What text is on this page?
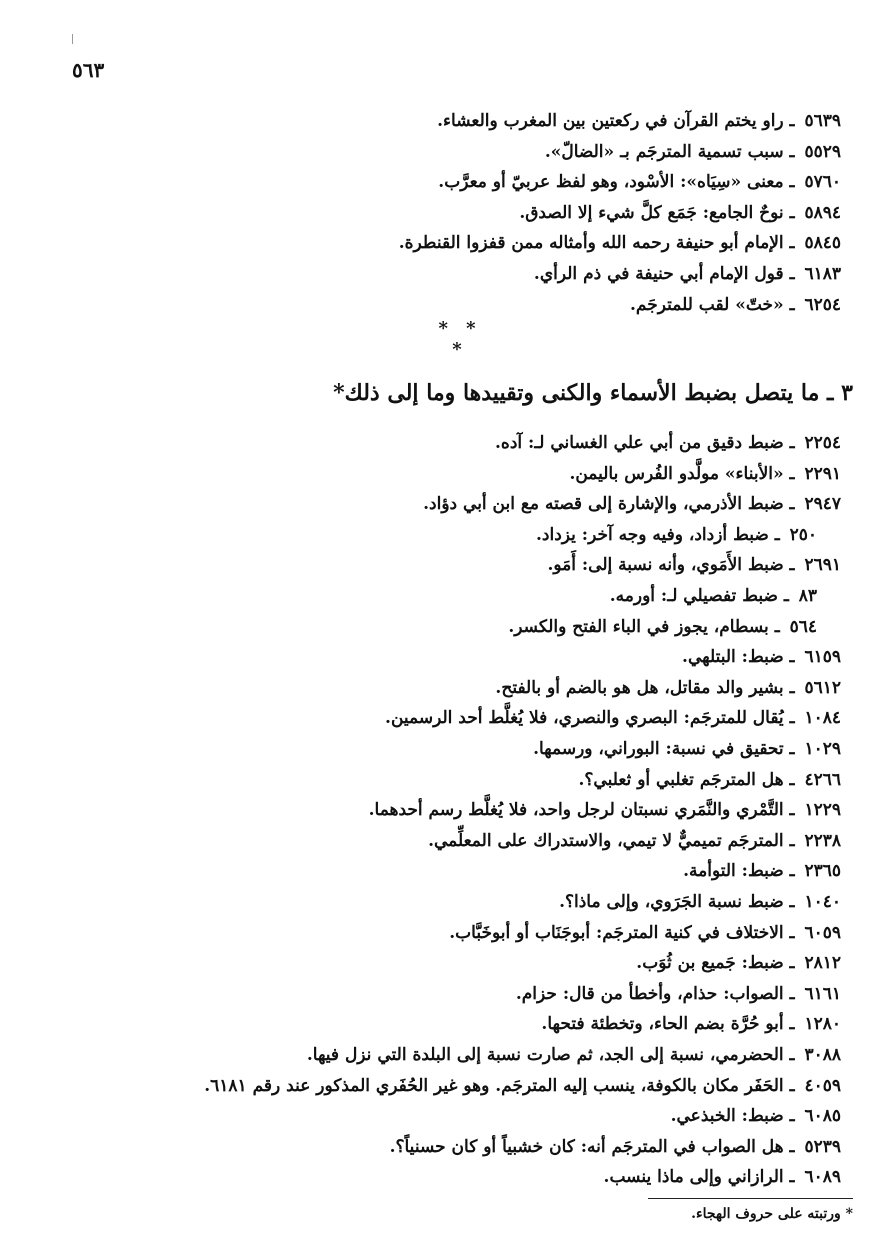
٥٦٣
٥٦٣٩ ـ راو يختم القرآن في ركعتين بين المغرب والعشاء.
٥٥٢٩ ـ سبب تسمية المترجَم بـ «الضالّ».
٥٧٦٠ ـ معنى «سِيَاه»: الأسْود، وهو لفظ عربيّ أو معرَّب.
٥٨٩٤ ـ نوحٌ الجامع: جَمَع كلَّ شيء إلا الصدق.
٥٨٤٥ ـ الإمام أبو حنيفة رحمه الله وأمثاله ممن قفزوا القنطرة.
٦١٨٣ ـ قول الإمام أبي حنيفة في ذم الرأي.
٦٢٥٤ ـ «ختّ» لقب للمترجَم.
* * *
٣ ـ ما يتصل بضبط الأسماء والكنى وتقييدها وما إلى ذلك*
٢٢٥٤ ـ ضبط دقيق من أبي علي الغساني لـ: آده.
٢٢٩١ ـ «الأبناء» مولَّدو الفُرس باليمن.
٢٩٤٧ ـ ضبط الأذرمي، والإشارة إلى قصته مع ابن أبي دؤاد.
٢٥٠ ـ ضبط أزداد، وفيه وجه آخر: يزداد.
٢٦٩١ ـ ضبط الأَمَوي، وأنه نسبة إلى: أَمَو.
٨٣ ـ ضبط تفصيلي لـ: أورمه.
٥٦٤ ـ بسطام، يجوز في الباء الفتح والكسر.
٦١٥٩ ـ ضبط: البتلهي.
٥٦١٢ ـ بشير والد مقاتل، هل هو بالضم أو بالفتح.
١٠٨٤ ـ يُقال للمترجَم: البصري والنصري، فلا يُغلَّط أحد الرسمين.
١٠٢٩ ـ تحقيق في نسبة: البوراني، ورسمها.
٤٢٦٦ ـ هل المترجَم تغلبي أو ثعلبي؟.
١٢٢٩ ـ التَّمْري والنَّمَري نسبتان لرجل واحد، فلا يُغلَّط رسم أحدهما.
٢٢٣٨ ـ المترجَم تميميٌّ لا تيمي، والاستدراك على المعلِّمي.
٢٣٦٥ ـ ضبط: التوأمة.
١٠٤٠ ـ ضبط نسبة الجَرَوي، وإلى ماذا؟.
٦٠٥٩ ـ الاختلاف في كنية المترجَم: أبوجَنَاب أو أبوخَبَّاب.
٢٨١٢ ـ ضبط: جَميع بن ثُوَب.
٦١٦١ ـ الصواب: حذام، وأخطأ من قال: حزام.
١٢٨٠ ـ أبو حُرَّة بضم الحاء، وتخطئة فتحها.
٣٠٨٨ ـ الحضرمي، نسبة إلى الجد، ثم صارت نسبة إلى البلدة التي نزل فيها.
٤٠٥٩ ـ الحَفَر مكان بالكوفة، ينسب إليه المترجَم. وهو غير الحُفَري المذكور عند رقم ٦١٨١.
٦٠٨٥ ـ ضبط: الخبذعي.
٥٢٣٩ ـ هل الصواب في المترجَم أنه: كان خشبياً أو كان حسنياً؟.
٦٠٨٩ ـ الرازاني وإلى ماذا ينسب.
* ورتبته على حروف الهجاء.
